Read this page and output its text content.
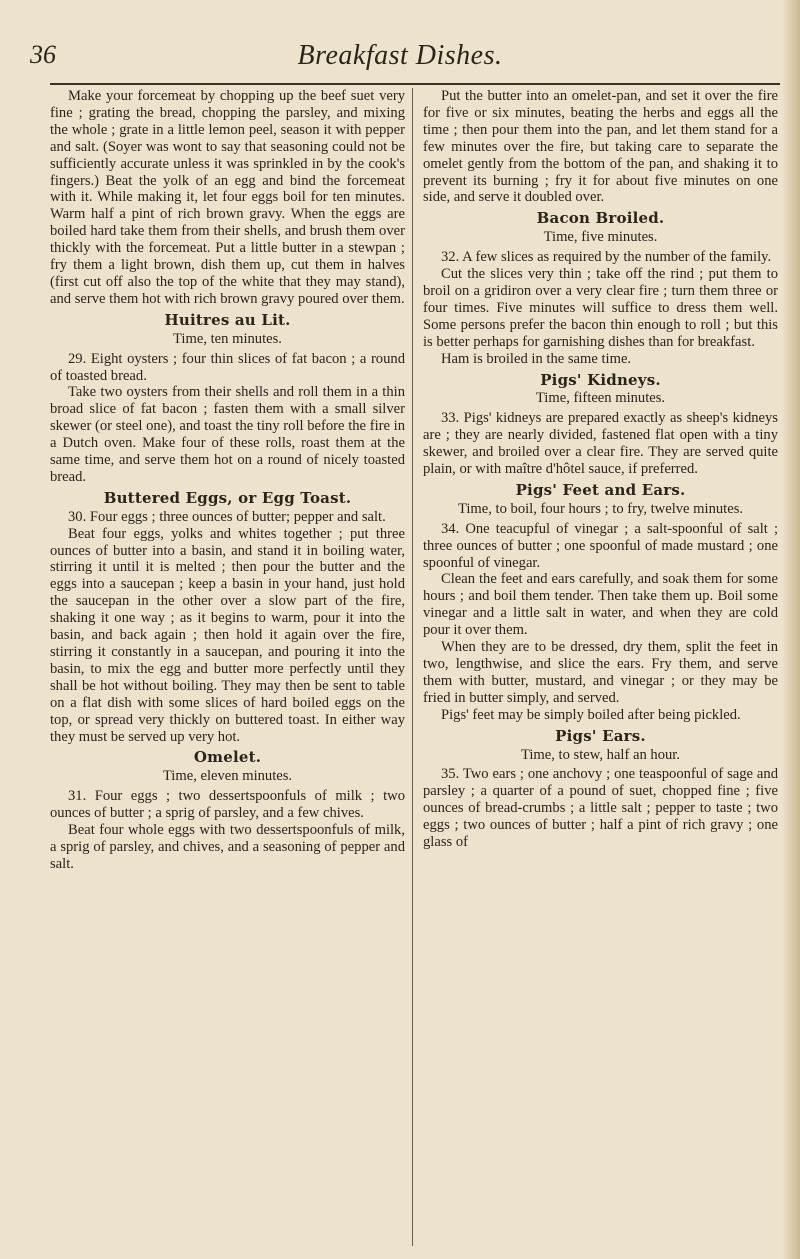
36	Breakfast Dishes.

Make your forcemeat by chopping up the beef suet very fine ; grating the bread, chopping the parsley, and mixing the whole ; grate in a little lemon peel, season it with pepper and salt. (Soyer was wont to say that seasoning could not be sufficiently accurate unless it was sprinkled in by the cook's fingers.) Beat the yolk of an egg and bind the forcemeat with it. While making it, let four eggs boil for ten minutes. Warm half a pint of rich brown gravy. When the eggs are boiled hard take them from their shells, and brush them over thickly with the forcemeat. Put a little butter in a stewpan ; fry them a light brown, dish them up, cut them in halves (first cut off also the top of the white that they may stand), and serve them hot with rich brown gravy poured over them.

Huitres au Lit.

Time, ten minutes.

29. Eight oysters ; four thin slices of fat bacon ; a round of toasted bread.

Take two oysters from their shells and roll them in a thin broad slice of fat bacon ; fasten them with a small silver skewer (or steel one), and toast the tiny roll before the fire in a Dutch oven. Make four of these rolls, roast them at the same time, and serve them hot on a round of nicely toasted bread.

Buttered Eggs, or Egg Toast.

30. Four eggs ; three ounces of butter; pepper and salt.

Beat four eggs, yolks and whites together ; put three ounces of butter into a basin, and stand it in boiling water, stirring it until it is melted ; then pour the butter and the eggs into a saucepan ; keep a basin in your hand, just hold the saucepan in the other over a slow part of the fire, shaking it one way ; as it begins to warm, pour it into the basin, and back again ; then hold it again over the fire, stirring it constantly in a saucepan, and pouring it into the basin, to mix the egg and butter more perfectly until they shall be hot without boiling. They may then be sent to table on a flat dish with some slices of hard boiled eggs on the top, or spread very thickly on buttered toast. In either way they must be served up very hot.

Omelet.

Time, eleven minutes.

31. Four eggs ; two dessertspoonfuls of milk ; two ounces of butter ; a sprig of parsley, and a few chives.

Beat four whole eggs with two dessertspoonfuls of milk, a sprig of parsley, and chives, and a seasoning of pepper and salt.

Put the butter into an omelet-pan, and set it over the fire for five or six minutes, beating the herbs and eggs all the time ; then pour them into the pan, and let them stand for a few minutes over the fire, but taking care to separate the omelet gently from the bottom of the pan, and shaking it to prevent its burning ; fry it for about five minutes on one side, and serve it doubled over.

Bacon Broiled.

Time, five minutes.

32. A few slices as required by the number of the family.

Cut the slices very thin ; take off the rind ; put them to broil on a gridiron over a very clear fire ; turn them three or four times. Five minutes will suffice to dress them well. Some persons prefer the bacon thin enough to roll ; but this is better perhaps for garnishing dishes than for breakfast.

Ham is broiled in the same time.

Pigs' Kidneys.

Time, fifteen minutes.

33. Pigs' kidneys are prepared exactly as sheep's kidneys are ; they are nearly divided, fastened flat open with a tiny skewer, and broiled over a clear fire. They are served quite plain, or with maître d'hôtel sauce, if preferred.

Pigs' Feet and Ears.

Time, to boil, four hours ; to fry, twelve minutes.

34. One teacupful of vinegar ; a salt-spoonful of salt ; three ounces of butter ; one spoonful of made mustard ; one spoonful of vinegar.

Clean the feet and ears carefully, and soak them for some hours ; and boil them tender. Then take them up. Boil some vinegar and a little salt in water, and when they are cold pour it over them.

When they are to be dressed, dry them, split the feet in two, lengthwise, and slice the ears. Fry them, and serve them with butter, mustard, and vinegar ; or they may be fried in butter simply, and served.

Pigs' feet may be simply boiled after being pickled.

Pigs' Ears.

Time, to stew, half an hour.

35. Two ears ; one anchovy ; one teaspoonful of sage and parsley ; a quarter of a pound of suet, chopped fine ; five ounces of bread-crumbs ; a little salt ; pepper to taste ; two eggs ; two ounces of butter ; half a pint of rich gravy ; one glass of
